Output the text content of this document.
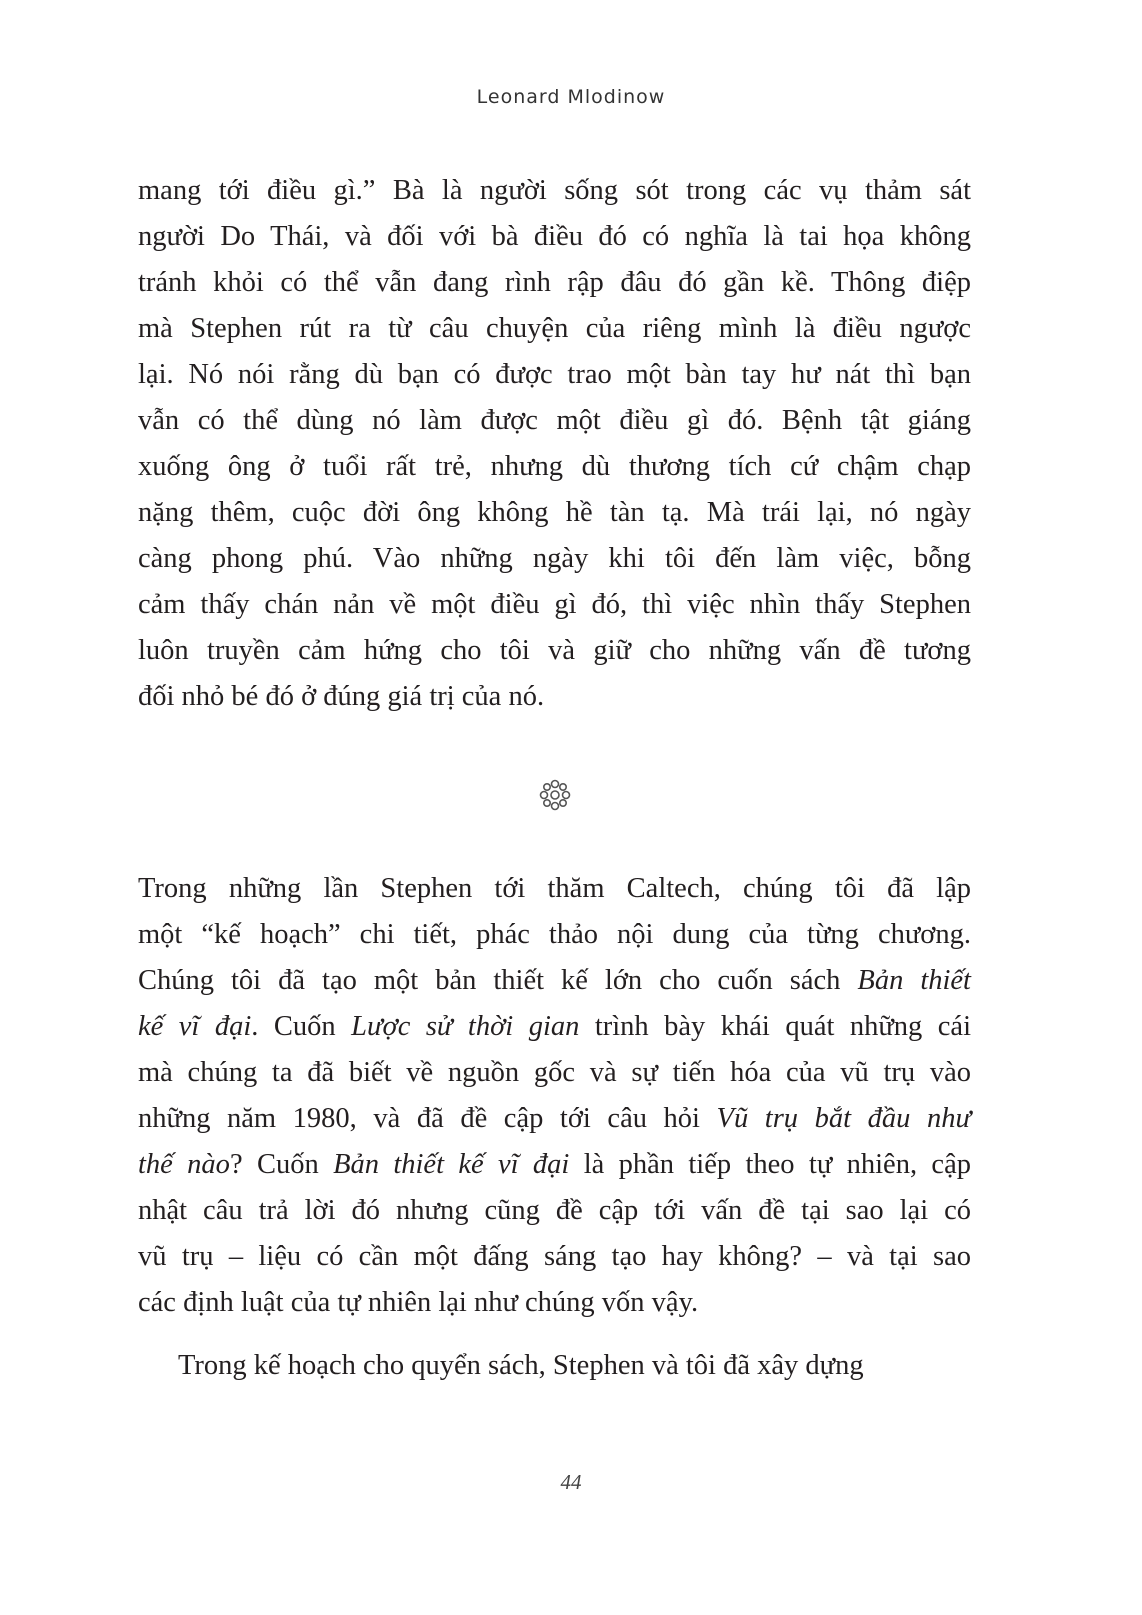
Leonard Mlodinow
mang tới điều gì.” Bà là người sống sót trong các vụ thảm sát
người Do Thái, và đối với bà điều đó có nghĩa là tai họa không
tránh khỏi có thể vẫn đang rình rập đâu đó gần kề. Thông điệp
mà Stephen rút ra từ câu chuyện của riêng mình là điều ngược
lại. Nó nói rằng dù bạn có được trao một bàn tay hư nát thì bạn
vẫn có thể dùng nó làm được một điều gì đó. Bệnh tật giáng
xuống ông ở tuổi rất trẻ, nhưng dù thương tích cứ chậm chạp
nặng thêm, cuộc đời ông không hề tàn tạ. Mà trái lại, nó ngày
càng phong phú. Vào những ngày khi tôi đến làm việc, bỗng
cảm thấy chán nản về một điều gì đó, thì việc nhìn thấy Stephen
luôn truyền cảm hứng cho tôi và giữ cho những vấn đề tương
đối nhỏ bé đó ở đúng giá trị của nó.
Trong những lần Stephen tới thăm Caltech, chúng tôi đã lập
một “kế hoạch” chi tiết, phác thảo nội dung của từng chương.
Chúng tôi đã tạo một bản thiết kế lớn cho cuốn sách Bản thiết
kế vĩ đại. Cuốn Lược sử thời gian trình bày khái quát những cái
mà chúng ta đã biết về nguồn gốc và sự tiến hóa của vũ trụ vào
những năm 1980, và đã đề cập tới câu hỏi Vũ trụ bắt đầu như
thế nào? Cuốn Bản thiết kế vĩ đại là phần tiếp theo tự nhiên, cập
nhật câu trả lời đó nhưng cũng đề cập tới vấn đề tại sao lại có
vũ trụ – liệu có cần một đấng sáng tạo hay không? – và tại sao
các định luật của tự nhiên lại như chúng vốn vậy.
Trong kế hoạch cho quyển sách, Stephen và tôi đã xây dựng
44
